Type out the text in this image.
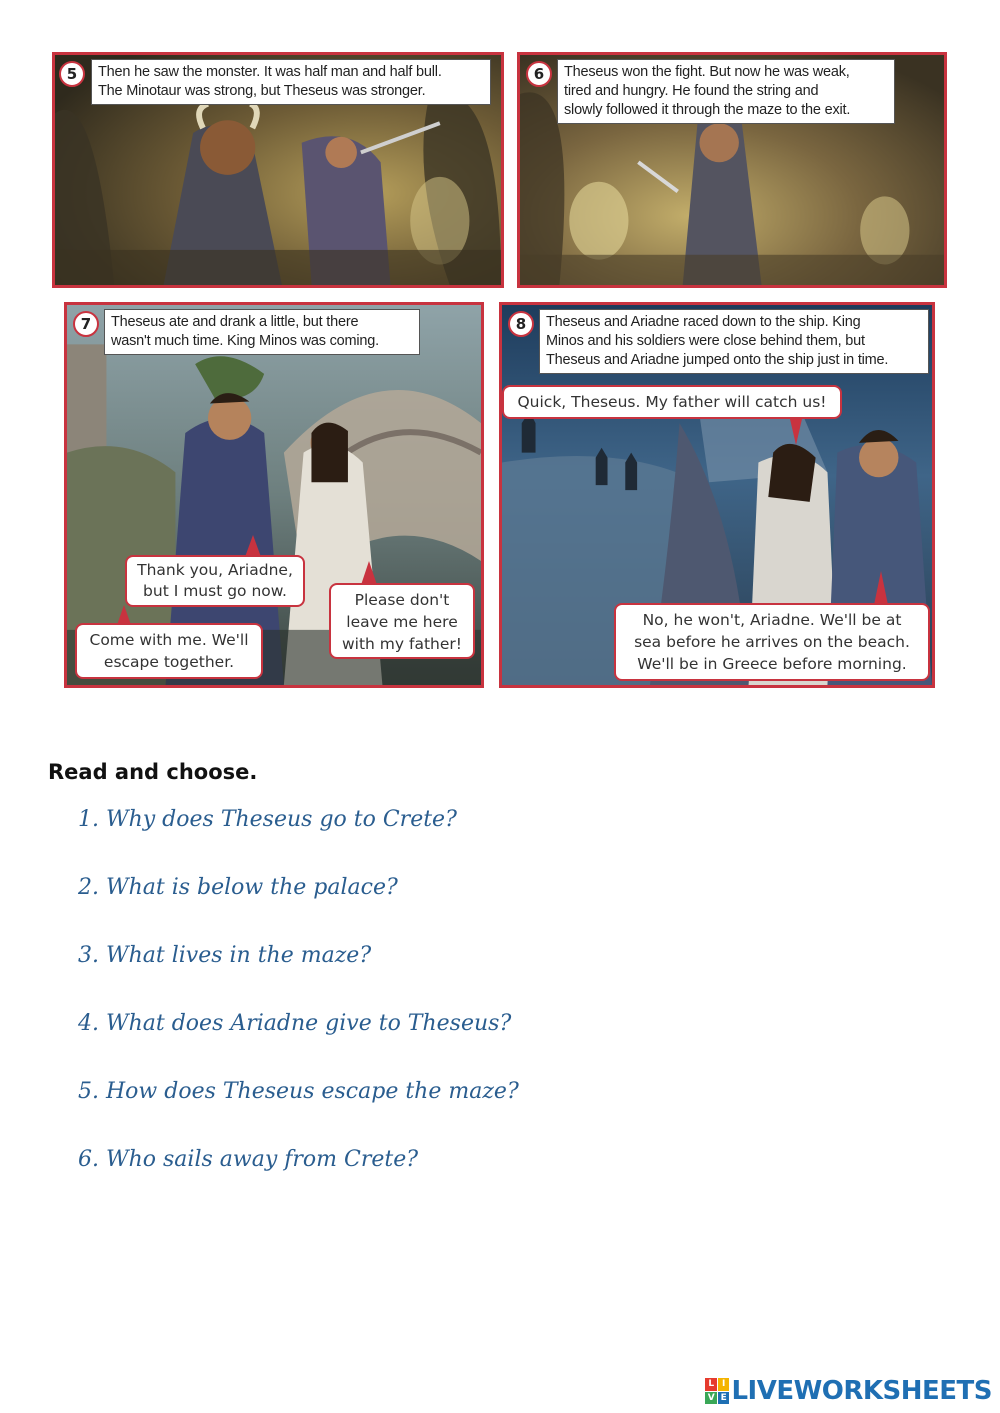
5	Then he saw the monster. It was half man and half bull.
The Minotaur was strong, but Theseus was stronger.
6	Theseus won the fight. But now he was weak,
tired and hungry. He found the string and
slowly followed it through the maze to the exit.
7	Theseus ate and drank a little, but there
wasn't much time. King Minos was coming.
Thank you, Ariadne,
but I must go now.
Come with me. We'll
escape together.
Please don't
leave me here
with my father!
8	Theseus and Ariadne raced down to the ship. King
Minos and his soldiers were close behind them, but
Theseus and Ariadne jumped onto the ship just in time.
Quick, Theseus. My father will catch us!
No, he won't, Ariadne. We'll be at
sea before he arrives on the beach.
We'll be in Greece before morning.
Read and choose.
1. Why does Theseus go to Crete?
2. What is below the palace?
3. What lives in the maze?
4. What does Ariadne give to Theseus?
5. How does Theseus escape the maze?
6. Who sails away from Crete?
L I
V E LIVEWORKSHEETS
